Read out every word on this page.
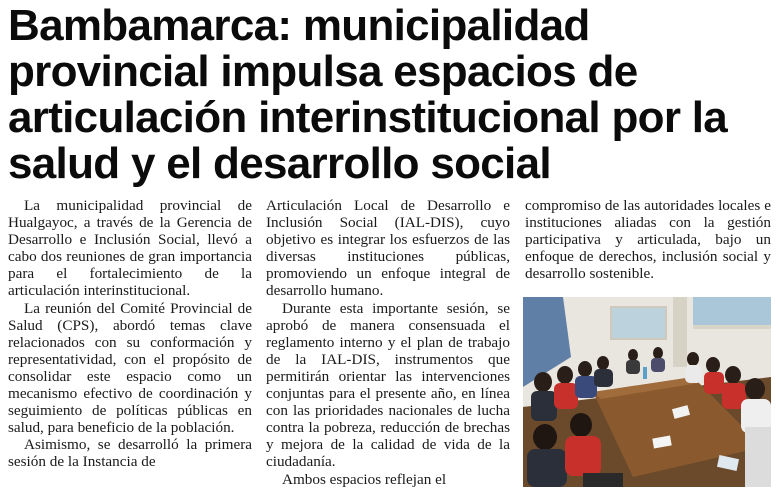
Bambamarca: municipalidad
provincial impulsa espacios de
articulación interinstitucional por la
salud y el desarrollo social

La municipalidad provincial de Hualgayoc, a través de la Gerencia de Desarrollo e Inclusión Social, llevó a cabo dos reuniones de gran importancia para el fortalecimiento de la articulación interinstitucional.

La reunión del Comité Provincial de Salud (CPS), abordó temas clave relacionados con su conformación y representatividad, con el propósito de consolidar este espacio como un mecanismo efectivo de coordinación y seguimiento de políticas públicas en salud, para beneficio de la población.

Asimismo, se desarrolló la primera sesión de la Instancia de

Articulación Local de Desarrollo e Inclusión Social (IAL-DIS), cuyo objetivo es integrar los esfuerzos de las diversas instituciones públicas, promoviendo un enfoque integral de desarrollo humano.

Durante esta importante sesión, se aprobó de manera consensuada el reglamento interno y el plan de trabajo de la IAL-DIS, instrumentos que permitirán orientar las intervenciones conjuntas para el presente año, en línea con las prioridades nacionales de lucha contra la pobreza, reducción de brechas y mejora de la calidad de vida de la ciudadanía.

Ambos espacios reflejan el

compromiso de las autoridades locales e instituciones aliadas con la gestión participativa y articulada, bajo un enfoque de derechos, inclusión social y desarrollo sostenible.
